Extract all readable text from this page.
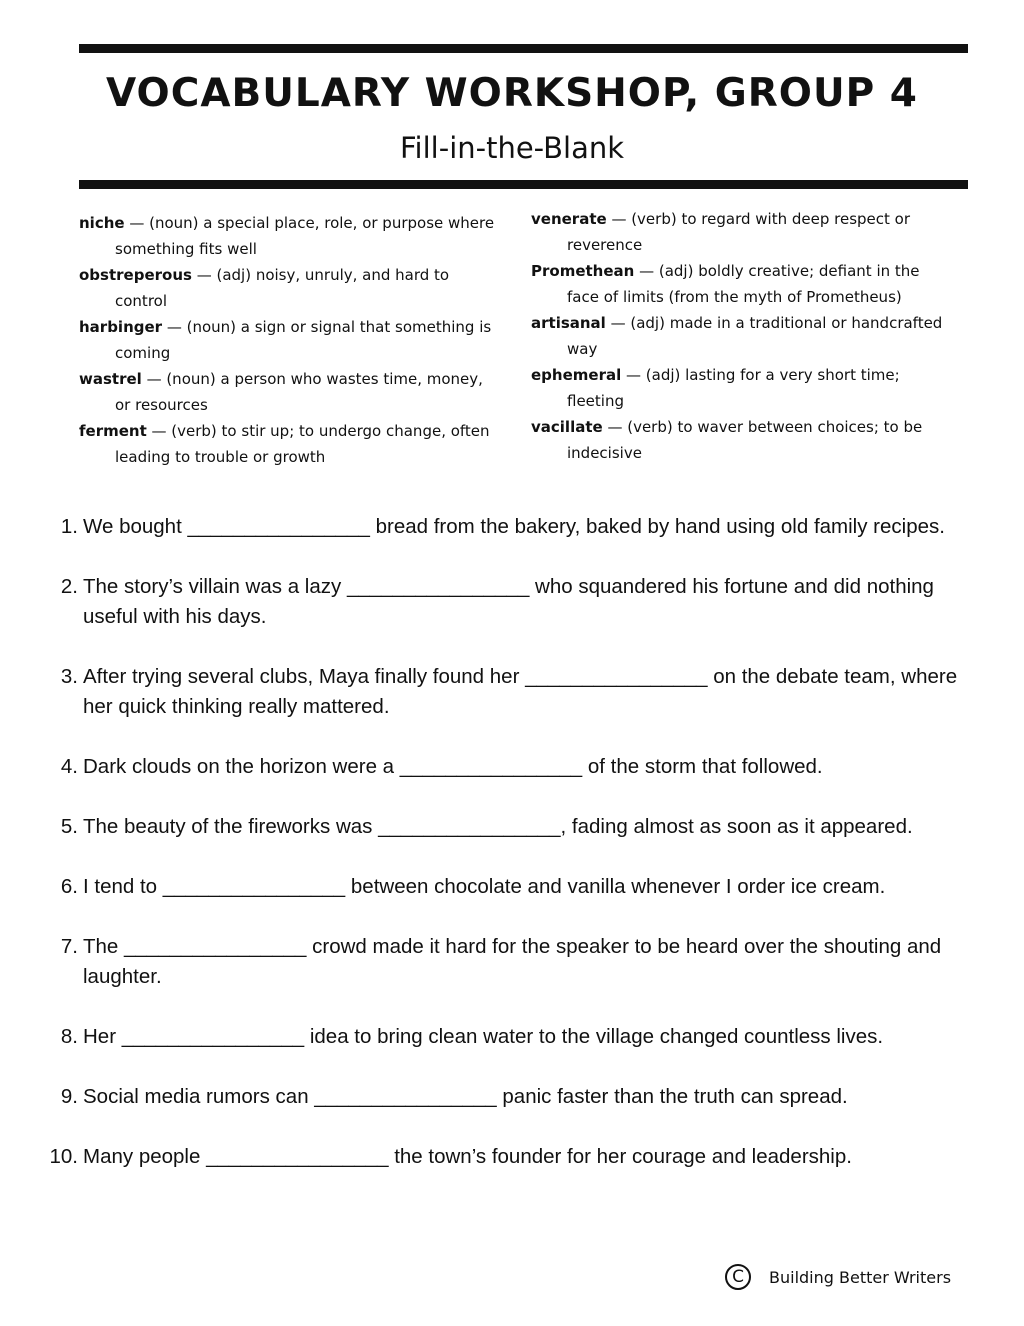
VOCABULARY WORKSHOP, GROUP 4
Fill-in-the-Blank
niche — (noun) a special place, role, or purpose where something fits well
obstreperous — (adj) noisy, unruly, and hard to control
harbinger — (noun) a sign or signal that something is coming
wastrel — (noun) a person who wastes time, money, or resources
ferment — (verb) to stir up; to undergo change, often leading to trouble or growth
venerate — (verb) to regard with deep respect or reverence
Promethean — (adj) boldly creative; defiant in the face of limits (from the myth of Prometheus)
artisanal — (adj) made in a traditional or handcrafted way
ephemeral — (adj) lasting for a very short time; fleeting
vacillate — (verb) to waver between choices; to be indecisive
1. We bought ________________ bread from the bakery, baked by hand using old family recipes.
2. The story’s villain was a lazy ________________ who squandered his fortune and did nothing useful with his days.
3. After trying several clubs, Maya finally found her ________________ on the debate team, where her quick thinking really mattered.
4. Dark clouds on the horizon were a ________________ of the storm that followed.
5. The beauty of the fireworks was ________________, fading almost as soon as it appeared.
6. I tend to ________________ between chocolate and vanilla whenever I order ice cream.
7. The ________________ crowd made it hard for the speaker to be heard over the shouting and laughter.
8. Her ________________ idea to bring clean water to the village changed countless lives.
9. Social media rumors can ________________ panic faster than the truth can spread.
10. Many people ________________ the town’s founder for her courage and leadership.
C	Building Better Writers
